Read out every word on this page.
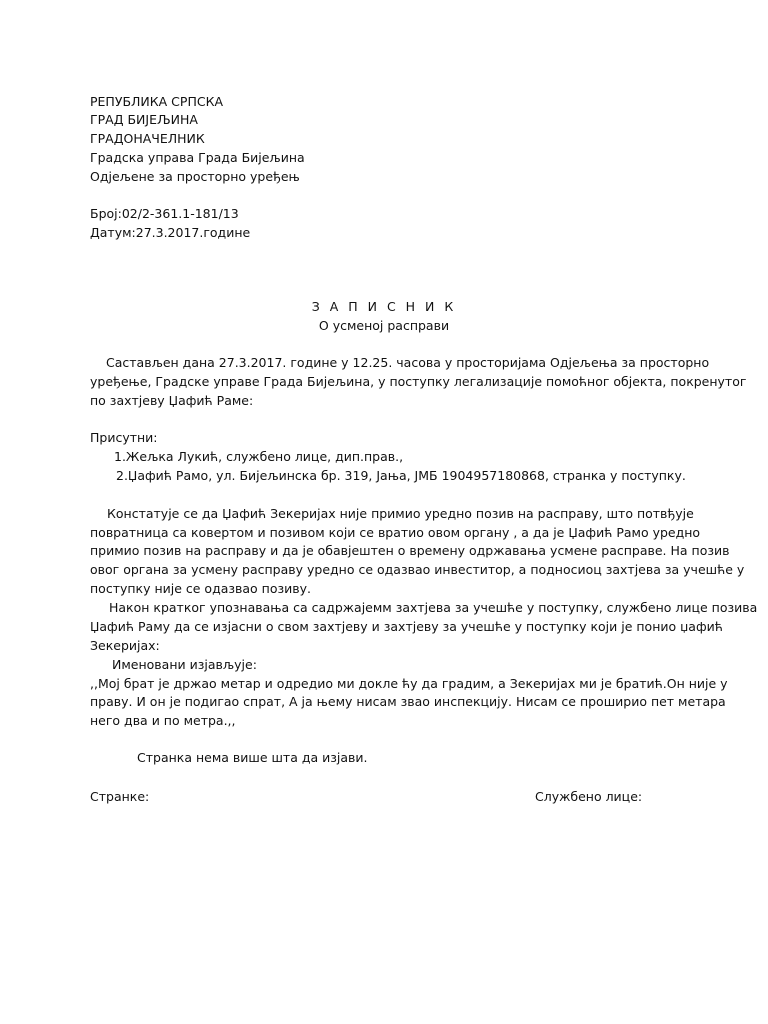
РЕПУБЛИКА СРПСКА
ГРАД БИЈЕЉИНА
ГРАДОНАЧЕЛНИК
Градска управа Града Бијељина
Одјељене за просторно уређењ
Број:02/2-361.1-181/13
Датум:27.3.2017.године
З А П И С Н И К
О усменој расправи
Састављен дана 27.3.2017. године у 12.25. часова у просторијама Одјељења за просторно
уређење, Градске управе Града Бијељина, у поступку легализације помоћног објекта, покренутог
по захтјеву Џафић Раме:
Присутни:
1.Жељка Лукић, службено лице, дип.прав.,
2.Џафић Рамо, ул. Бијељинска бр. 319, Јања, ЈМБ 1904957180868, странка у поступку.
Констатује се да Џафић Зекеријах није примио уредно позив на расправу, што потвђује
повратница са ковертом и позивом који се вратио овом органу , а да је Џафић Рамо уредно
примио позив на расправу и да је обавјештен о времену одржавања усмене расправе. На позив
овог органа за усмену расправу уредно се одазвао инвеститор, а подносиоц захтјева за учешће у
поступку није се одазвао позиву.
Након кратког упознавања са садржајемм захтјева за учешће у поступку, службено лице позива
Џафић Раму да се изјасни о свом захтјеву и захтјеву за учешће у поступку који је понио џафић
Зекеријах:
Именовани изјављује:
,,Мој брат је држао метар и одредио ми докле ћу да градим, а Зекеријах ми је братић.Он није у
праву. И он је подигао спрат, А ја њему нисам звао инспекцију. Нисам се проширио пет метара
него два и по метра.,,
Странка нема више шта да изјави.
Странке:	Службено лице:
